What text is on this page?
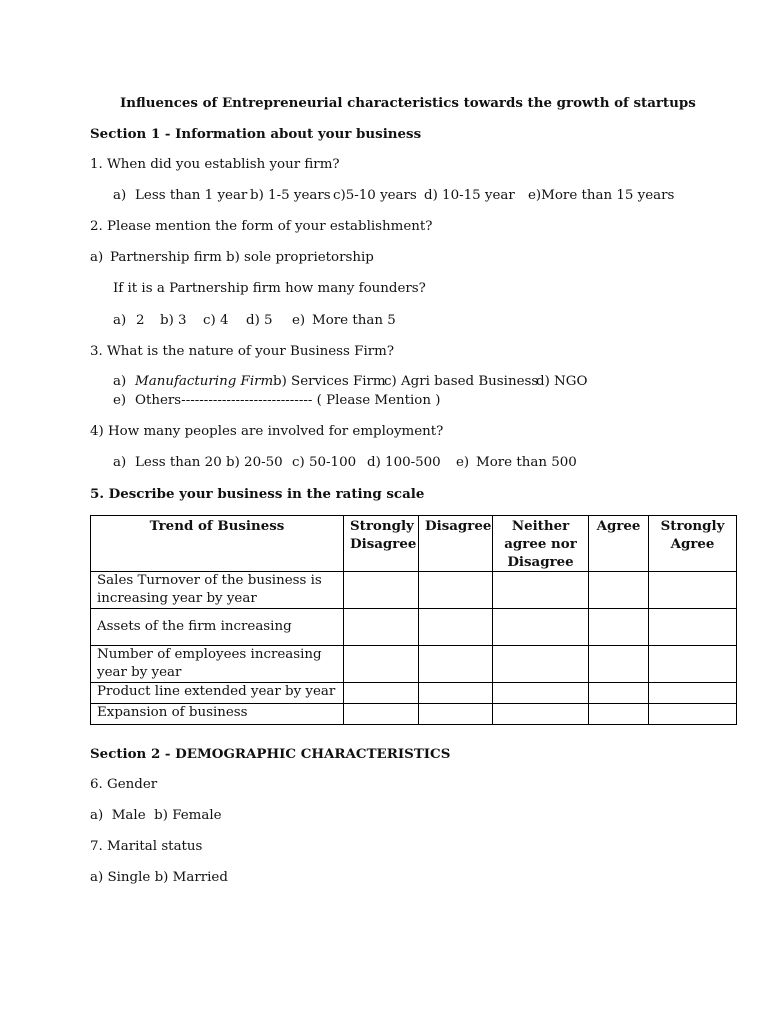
Influences of Entrepreneurial characteristics towards the growth of startups
Section 1 - Information about your business
1. When did you establish your firm?
a) Less than 1 year b) 1-5 years c)5-10 years d) 10-15 year e)More than 15 years
2. Please mention the form of your establishment?
a) Partnership firm b) sole proprietorship
If it is a Partnership firm how many founders?
a) 2 b) 3 c) 4 d) 5 e) More than 5
3. What is the nature of your Business Firm?
a) Manufacturing Firm b) Services Firm
c) Agri based Business
d) NGO
e) Others----------------------------- ( Please Mention )
4) How many peoples are involved for employment?
a) Less than 20 b) 20-50 c) 50-100 d) 100-500 e) More than 500
5. Describe your business in the rating scale
Trend of Business	Strongly Disagree	Disagree	Neither agree nor Disagree	Agree	Strongly Agree
Sales Turnover of the business is increasing year by year					
Assets of the firm increasing					
Number of employees increasing year by year					
Product line extended year by year					
Expansion of business					
Section 2 - DEMOGRAPHIC CHARACTERISTICS
6. Gender
a)  Male  b) Female
7. Marital status
a) Single b) Married
